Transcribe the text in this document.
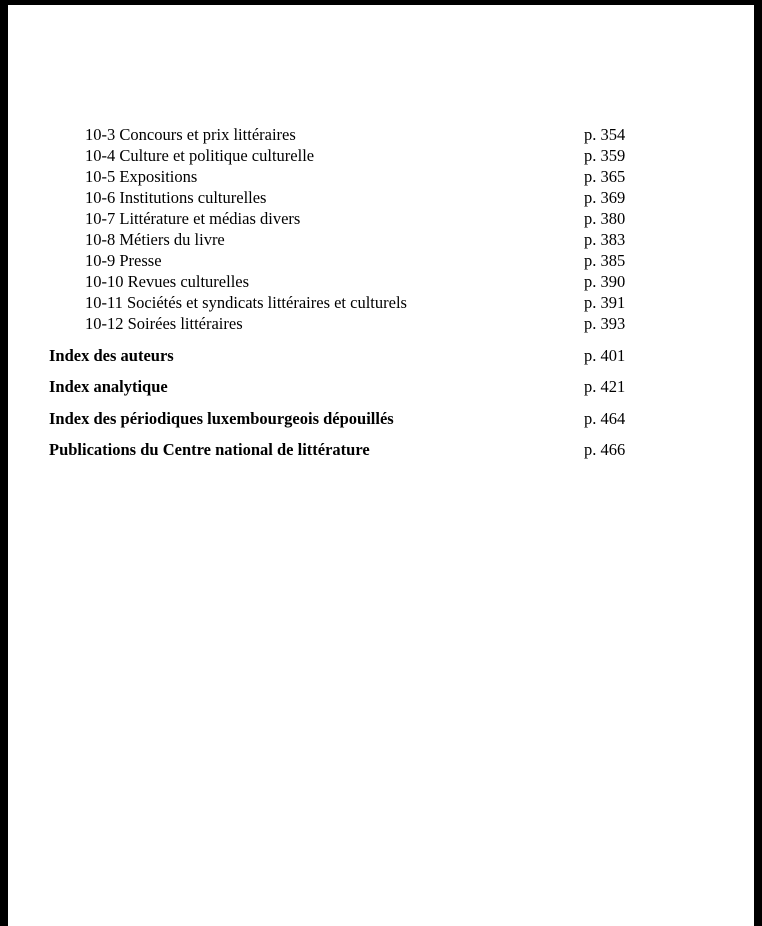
10-3 Concours et prix littéraires	p. 354
10-4 Culture et politique culturelle	p. 359
10-5 Expositions	p. 365
10-6 Institutions culturelles	p. 369
10-7 Littérature et médias divers	p. 380
10-8 Métiers du livre	p. 383
10-9 Presse	p. 385
10-10 Revues culturelles	p. 390
10-11 Sociétés et syndicats littéraires et culturels	p. 391
10-12 Soirées littéraires	p. 393
Index des auteurs	p. 401
Index analytique	p. 421
Index des périodiques luxembourgeois dépouillés	p. 464
Publications du Centre national de littérature	p. 466
